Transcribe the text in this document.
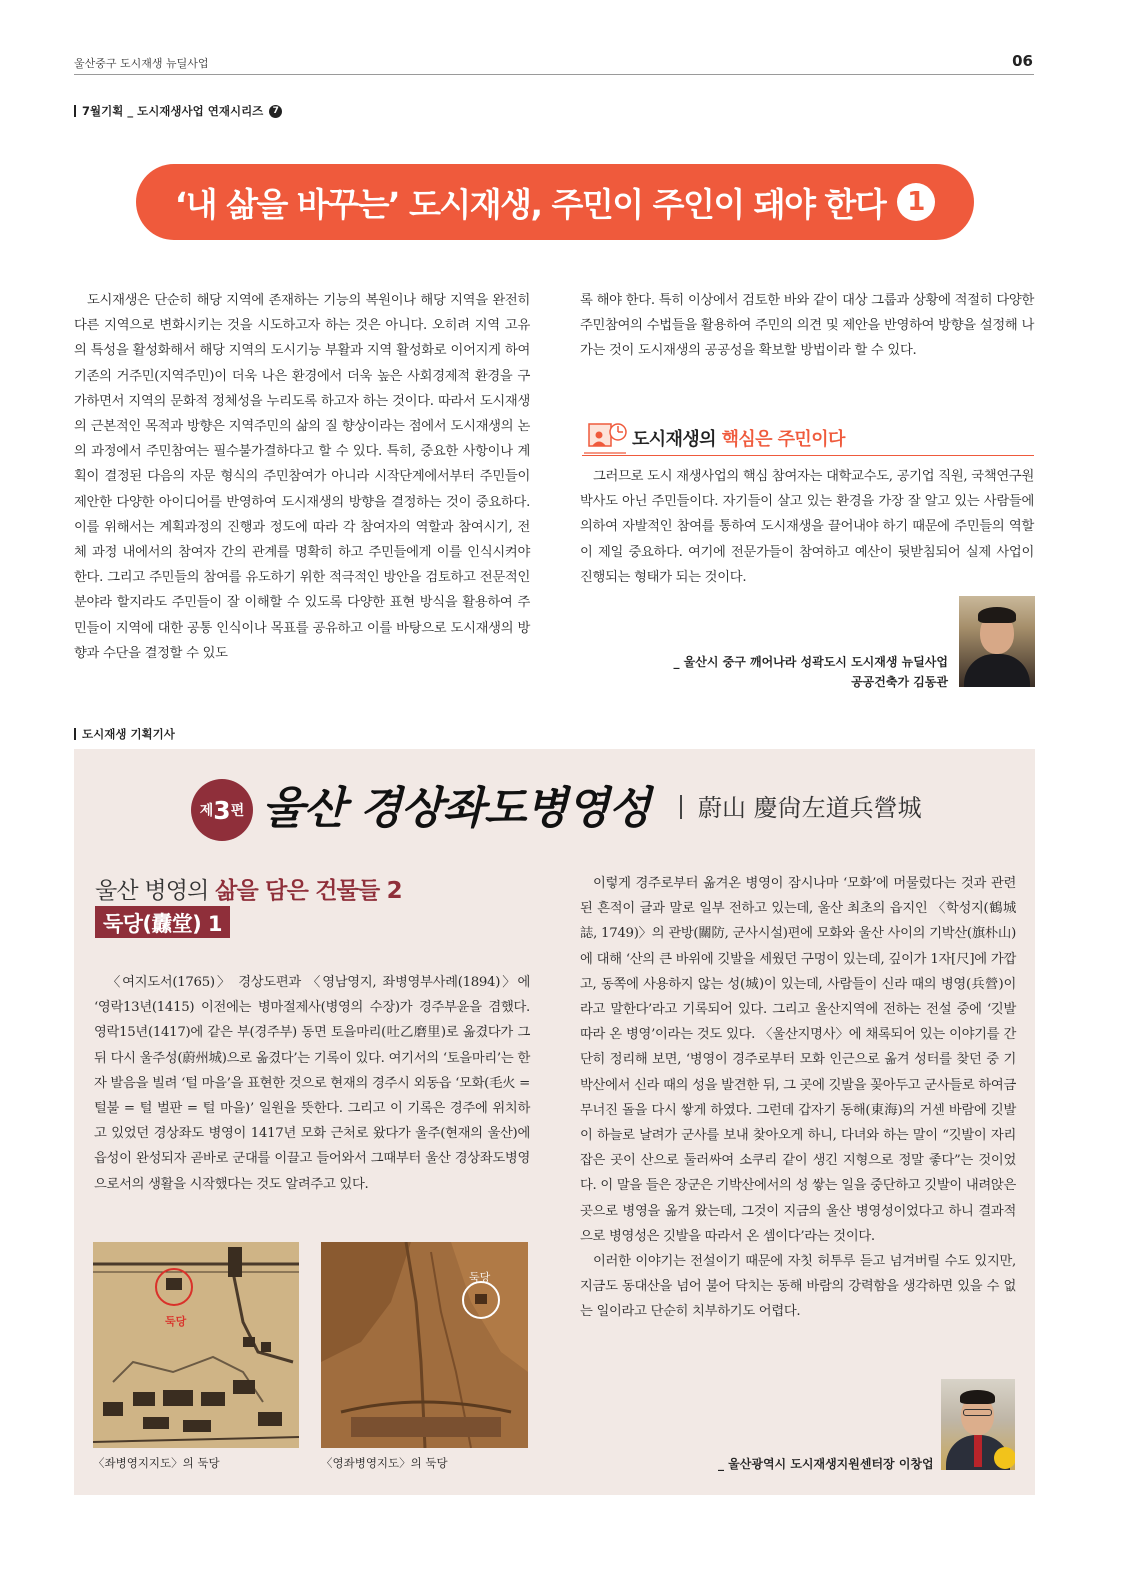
울산중구 도시재생 뉴딜사업	06
7월기획 _ 도시재생사업 연재시리즈	7
‘내 삶을 바꾸는’ 도시재생, 주민이 주인이 돼야 한다 1

도시재생은 단순히 해당 지역에 존재하는 기능의 복원이나 해당 지역을 완전히 다른 지역으로 변화시키는 것을 시도하고자 하는 것은 아니다. 오히려 지역 고유의 특성을 활성화해서 해당 지역의 도시기능 부활과 지역 활성화로 이어지게 하여 기존의 거주민(지역주민)이 더욱 나은 환경에서 더욱 높은 사회경제적 환경을 구가하면서 지역의 문화적 정체성을 누리도록 하고자 하는 것이다. 따라서 도시재생의 근본적인 목적과 방향은 지역주민의 삶의 질 향상이라는 점에서 도시재생의 논의 과정에서 주민참여는 필수불가결하다고 할 수 있다. 특히, 중요한 사항이나 계획이 결정된 다음의 자문 형식의 주민참여가 아니라 시작단계에서부터 주민들이 제안한 다양한 아이디어를 반영하여 도시재생의 방향을 결정하는 것이 중요하다. 이를 위해서는 계획과정의 진행과 정도에 따라 각 참여자의 역할과 참여시기, 전체 과정 내에서의 참여자 간의 관계를 명확히 하고 주민들에게 이를 인식시켜야 한다. 그리고 주민들의 참여를 유도하기 위한 적극적인 방안을 검토하고 전문적인 분야라 할지라도 주민들이 잘 이해할 수 있도록 다양한 표현 방식을 활용하여 주민들이 지역에 대한 공통 인식이나 목표를 공유하고 이를 바탕으로 도시재생의 방향과 수단을 결정할 수 있도

록 해야 한다. 특히 이상에서 검토한 바와 같이 대상 그룹과 상황에 적절히 다양한 주민참여의 수법들을 활용하여 주민의 의견 및 제안을 반영하여 방향을 설정해 나가는 것이 도시재생의 공공성을 확보할 방법이라 할 수 있다.

도시재생의 핵심은 주민이다

그러므로 도시 재생사업의 핵심 참여자는 대학교수도, 공기업 직원, 국책연구원 박사도 아닌 주민들이다. 자기들이 살고 있는 환경을 가장 잘 알고 있는 사람들에 의하여 자발적인 참여를 통하여 도시재생을 끌어내야 하기 때문에 주민들의 역할이 제일 중요하다. 여기에 전문가들이 참여하고 예산이 뒷받침되어 실제 사업이 진행되는 형태가 되는 것이다.

_ 울산시 중구 깨어나라 성곽도시 도시재생 뉴딜사업
공공건축가 김동관
도시재생 기획기사
제 3 편 울산 경상좌도병영성 蔚山 慶尙左道兵營城
울산 병영의 삶을 담은 건물들 2
둑당(纛堂) 1

〈여지도서(1765)〉 경상도편과 〈영남영지, 좌병영부사례(1894)〉에 ‘영락13년(1415) 이전에는 병마절제사(병영의 수장)가 경주부윤을 겸했다. 영락15년(1417)에 같은 부(경주부) 동면 토을마리(吐乙磨里)로 옮겼다가 그 뒤 다시 울주성(蔚州城)으로 옮겼다’는 기록이 있다. 여기서의 ‘토을마리’는 한자 발음을 빌려 ‘털 마을’을 표현한 것으로 현재의 경주시 외동읍 ‘모화(毛火 = 털불 = 털 벌판 = 털 마을)’ 일원을 뜻한다. 그리고 이 기록은 경주에 위치하고 있었던 경상좌도 병영이 1417년 모화 근처로 왔다가 울주(현재의 울산)에 읍성이 완성되자 곧바로 군대를 이끌고 들어와서 그때부터 울산 경상좌도병영으로서의 생활을 시작했다는 것도 알려주고 있다.

이렇게 경주로부터 옮겨온 병영이 잠시나마 ‘모화’에 머물렀다는 것과 관련된 흔적이 글과 말로 일부 전하고 있는데, 울산 최초의 읍지인 〈학성지(鶴城誌, 1749)〉의 관방(關防, 군사시설)편에 모화와 울산 사이의 기박산(旗朴山)에 대해 ‘산의 큰 바위에 깃발을 세웠던 구멍이 있는데, 깊이가 1자[尺]에 가깝고, 동쪽에 사용하지 않는 성(城)이 있는데, 사람들이 신라 때의 병영(兵營)이라고 말한다’라고 기록되어 있다. 그리고 울산지역에 전하는 전설 중에 ‘깃발 따라 온 병영’이라는 것도 있다. 〈울산지명사〉에 채록되어 있는 이야기를 간단히 정리해 보면, ‘병영이 경주로부터 모화 인근으로 옮겨 성터를 찾던 중 기박산에서 신라 때의 성을 발견한 뒤, 그 곳에 깃발을 꽂아두고 군사들로 하여금 무너진 돌을 다시 쌓게 하였다. 그런데 갑자기 동해(東海)의 거센 바람에 깃발이 하늘로 날려가 군사를 보내 찾아오게 하니, 다녀와 하는 말이 “깃발이 자리 잡은 곳이 산으로 둘러싸여 소쿠리 같이 생긴 지형으로 정말 좋다”는 것이었다. 이 말을 들은 장군은 기박산에서의 성 쌓는 일을 중단하고 깃발이 내려앉은 곳으로 병영을 옮겨 왔는데, 그것이 지금의 울산 병영성이었다고 하니 결과적으로 병영성은 깃발을 따라서 온 셈이다’라는 것이다.

이러한 이야기는 전설이기 때문에 자칫 허투루 듣고 넘겨버릴 수도 있지만, 지금도 동대산을 넘어 불어 닥치는 동해 바람의 강력함을 생각하면 있을 수 없는 일이라고 단순히 치부하기도 어렵다.

둑당
〈좌병영지지도〉의 둑당
둑당
〈영좌병영지도〉의 둑당	_ 울산광역시 도시재생지원센터장 이창업
